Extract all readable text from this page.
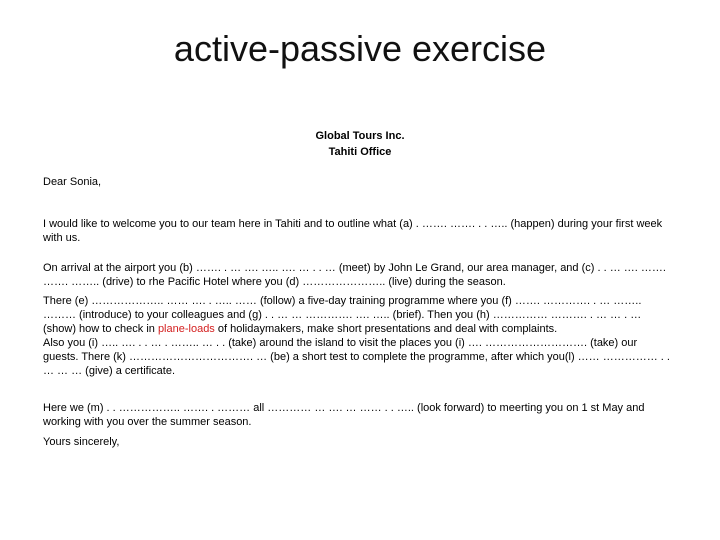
active-passive exercise
Global Tours Inc.

Tahiti Office
Dear Sonia,

I would like to welcome you to our team here in Tahiti and to outline what (a) . ……. ……. . . ….. (happen) during your first week with us.

On arrival at the airport you (b) ……. . … …. ….. …. … . . … (meet) by John Le Grand, our area manager, and (c) . . … …. ……. ……. …….. (drive) to rhe Pacific Hotel where you (d) ………………….. (live) during the season.

There (e) ……………….. …… …. . ….. …… (follow) a five-day training programme where you (f) ……. …………. . … …….. ……… (introduce) to your colleagues and (g) . . … … …………. …. ….. (brief). Then you (h) …………… ………. . … … . … (show) how to check in plane-loads of holidaymakers, make short presentations and deal with complaints.
Also you (i) ….. …. . . … . …….. … . . (take) around the island to visit the places you (i) …. ………………………. (take) our guests. There (k) ……………………………. … (be) a short test to complete the programme, after which you(l) …… …………… . . … … … (give) a certificate.

Here we (m) . . …………….. ……. . ……… all ………… … …. … …… . . ….. (look forward) to meerting you on 1 st May and working with you over the summer season.

Yours sincerely,
